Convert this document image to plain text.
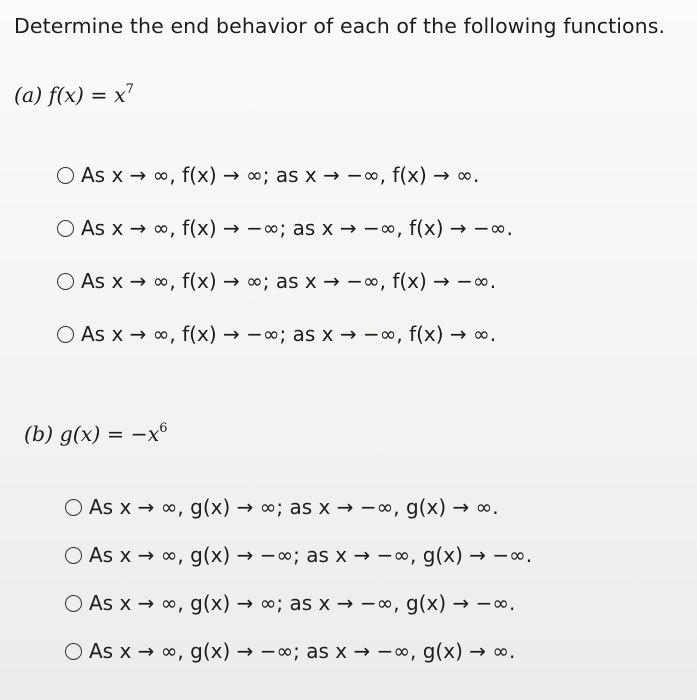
Determine the end behavior of each of the following functions.
(a) $f(x) = x^7$
As x → ∞, f(x) → ∞; as x → −∞, f(x) → ∞.
As x → ∞, f(x) → −∞; as x → −∞, f(x) → −∞.
As x → ∞, f(x) → ∞; as x → −∞, f(x) → −∞.
As x → ∞, f(x) → −∞; as x → −∞, f(x) → ∞.
(b) $g(x) = -x^6$
As x → ∞, g(x) → ∞; as x → −∞, g(x) → ∞.
As x → ∞, g(x) → −∞; as x → −∞, g(x) → −∞.
As x → ∞, g(x) → ∞; as x → −∞, g(x) → −∞.
As x → ∞, g(x) → −∞; as x → −∞, g(x) → ∞.
